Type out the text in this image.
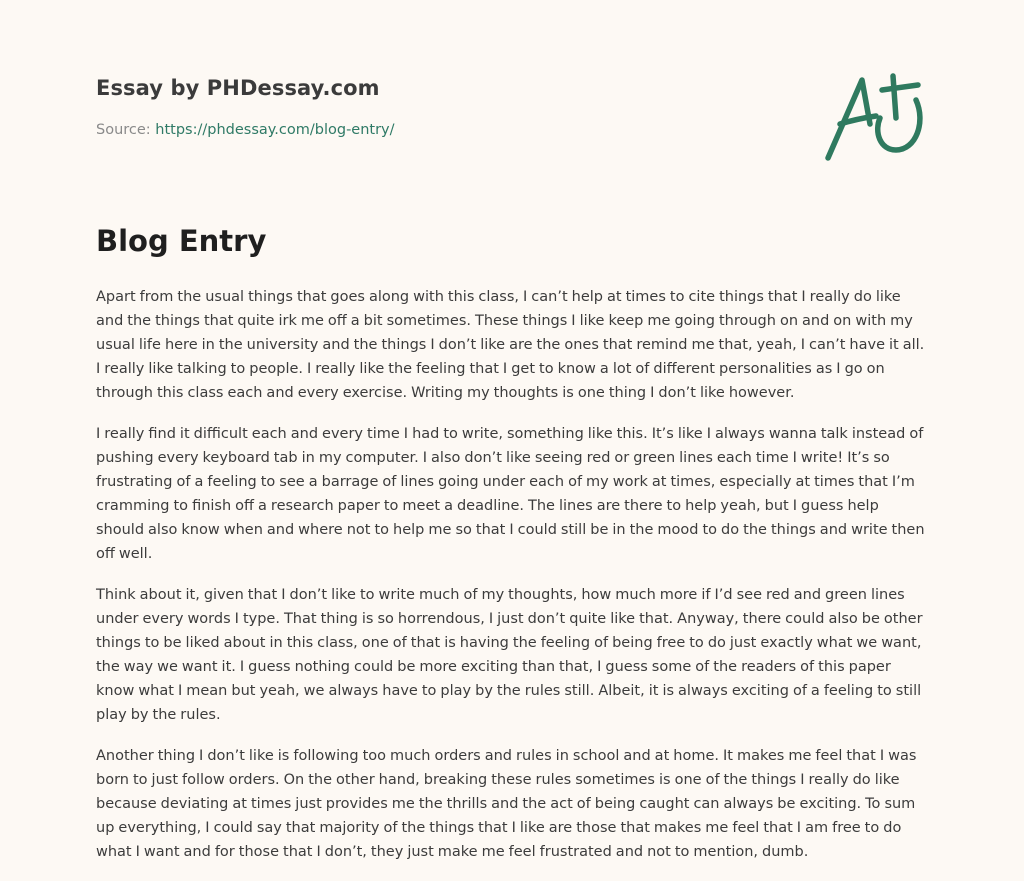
Essay by PHDessay.com
Source: https://phdessay.com/blog-entry/
Blog Entry

Apart from the usual things that goes along with this class, I can’t help at times to cite things that I really do like and the things that quite irk me off a bit sometimes. These things I like keep me going through on and on with my usual life here in the university and the things I don’t like are the ones that remind me that, yeah, I can’t have it all. I really like talking to people. I really like the feeling that I get to know a lot of different personalities as I go on through this class each and every exercise. Writing my thoughts is one thing I don’t like however.

I really find it difficult each and every time I had to write, something like this. It’s like I always wanna talk instead of pushing every keyboard tab in my computer. I also don’t like seeing red or green lines each time I write! It’s so frustrating of a feeling to see a barrage of lines going under each of my work at times, especially at times that I’m cramming to finish off a research paper to meet a deadline. The lines are there to help yeah, but I guess help should also know when and where not to help me so that I could still be in the mood to do the things and write then off well.

Think about it, given that I don’t like to write much of my thoughts, how much more if I’d see red and green lines under every words I type. That thing is so horrendous, I just don’t quite like that. Anyway, there could also be other things to be liked about in this class, one of that is having the feeling of being free to do just exactly what we want, the way we want it. I guess nothing could be more exciting than that, I guess some of the readers of this paper know what I mean but yeah, we always have to play by the rules still. Albeit, it is always exciting of a feeling to still play by the rules.

Another thing I don’t like is following too much orders and rules in school and at home. It makes me feel that I was born to just follow orders. On the other hand, breaking these rules sometimes is one of the things I really do like because deviating at times just provides me the thrills and the act of being caught can always be exciting. To sum up everything, I could say that majority of the things that I like are those that makes me feel that I am free to do what I want and for those that I don’t, they just make me feel frustrated and not to mention, dumb.
